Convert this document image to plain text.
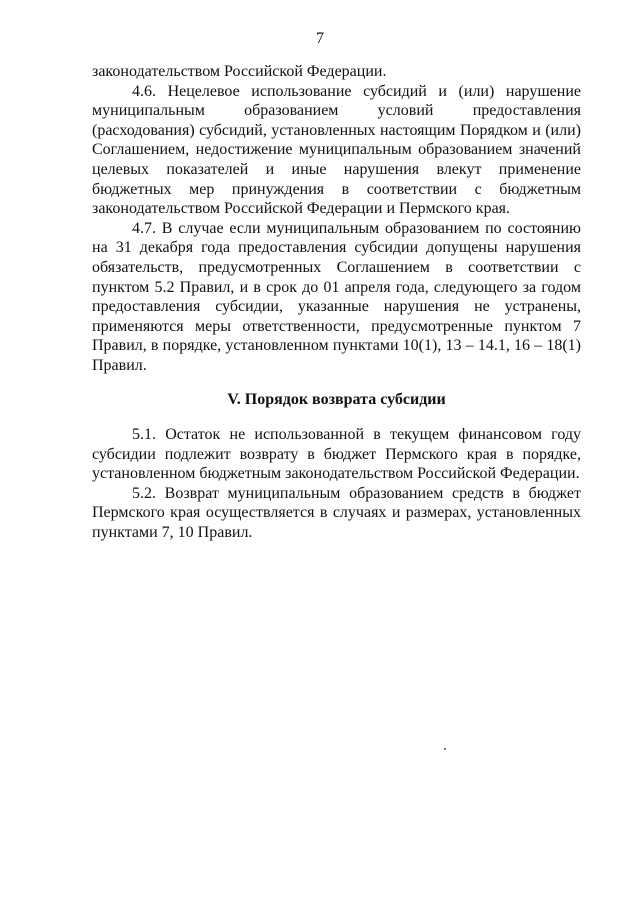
7

законодательством Российской Федерации.

4.6. Нецелевое использование субсидий и (или) нарушение муниципальным образованием условий предоставления (расходования) субсидий, установленных настоящим Порядком и (или) Соглашением, недостижение муниципальным образованием значений целевых показателей и иные нарушения влекут применение бюджетных мер принуждения в соответствии с бюджетным законодательством Российской Федерации и Пермского края.

4.7. В случае если муниципальным образованием по состоянию на 31 декабря года предоставления субсидии допущены нарушения обязательств, предусмотренных Соглашением в соответствии с пунктом 5.2 Правил, и в срок до 01 апреля года, следующего за годом предоставления субсидии, указанные нарушения не устранены, применяются меры ответственности, предусмотренные пунктом 7 Правил, в порядке, установленном пунктами 10(1), 13 – 14.1, 16 – 18(1) Правил.

V. Порядок возврата субсидии

5.1. Остаток не использованной в текущем финансовом году субсидии подлежит возврату в бюджет Пермского края в порядке, установленном бюджетным законодательством Российской Федерации.

5.2. Возврат муниципальным образованием средств в бюджет Пермского края осуществляется в случаях и размерах, установленных пунктами 7, 10 Правил.
